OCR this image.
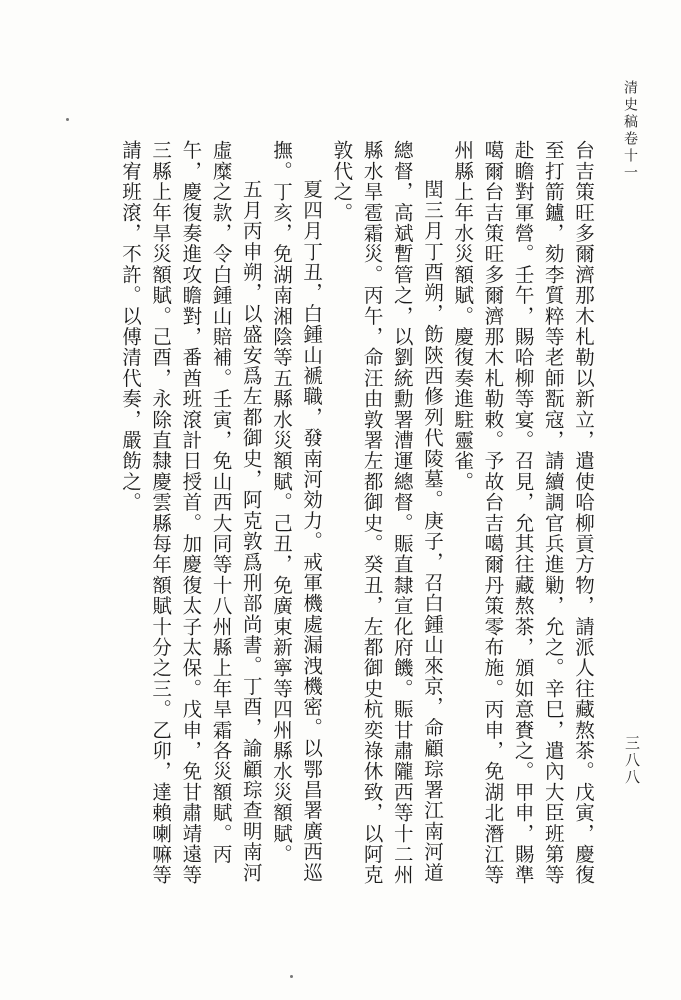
清史稿卷十一
三八八

台吉策旺多爾濟那木札勒以新立，遣使哈柳貢方物，請派人往藏熬茶。戊寅，慶復至打箭鑪，劾李質粹等老師翫寇，請續調官兵進勦，允之。辛巳，遣內大臣班第等赴瞻對軍營。壬午，賜哈柳等宴。召見，允其往藏熬茶，頒如意賚之。甲申，賜準噶爾台吉策旺多爾濟那木札勒敕。予故台吉噶爾丹策零布施。丙申，免湖北潛江等州縣上年水災額賦。慶復奏進駐靈雀。

閏三月丁酉朔，飭陝西修列代陵墓。庚子，召白鍾山來京，命顧琮署江南河道總督，高斌暫管之，以劉統勳署漕運總督。賑直隸宣化府饑。賑甘肅隴西等十二州縣水旱雹霜災。丙午，命汪由敦署左都御史。癸丑，左都御史杭奕祿休致，以阿克敦代之。

夏四月丁丑，白鍾山褫職，發南河効力。戒軍機處漏洩機密。以鄂昌署廣西巡撫。丁亥，免湖南湘陰等五縣水災額賦。己丑，免廣東新寧等四州縣水災額賦。

五月丙申朔，以盛安爲左都御史，阿克敦爲刑部尚書。丁酉，諭顧琮查明南河虛糜之款，令白鍾山賠補。壬寅，免山西大同等十八州縣上年旱霜各災額賦。丙午，慶復奏進攻瞻對，番酋班滾計日授首。加慶復太子太保。戊申，免甘肅靖遠等三縣上年旱災額賦。己酉，永除直隸慶雲縣每年額賦十分之三。乙卯，達賴喇嘛等請宥班滾，不許。以傅清代奏，嚴飭之。
